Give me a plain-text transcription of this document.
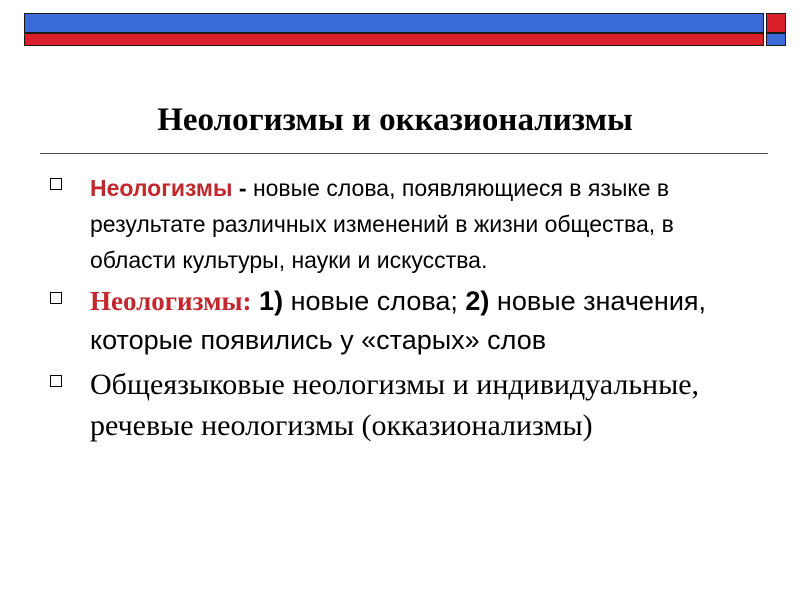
Неологизмы и окказионализмы
Неологизмы - новые слова, появляющиеся в языке в результате различных изменений в жизни общества, в области культуры, науки и искусства.
Неологизмы: 1) новые слова; 2) новые значения, которые появились у «старых» слов
Общеязыковые неологизмы и индивидуальные, речевые неологизмы (окказионализмы)
